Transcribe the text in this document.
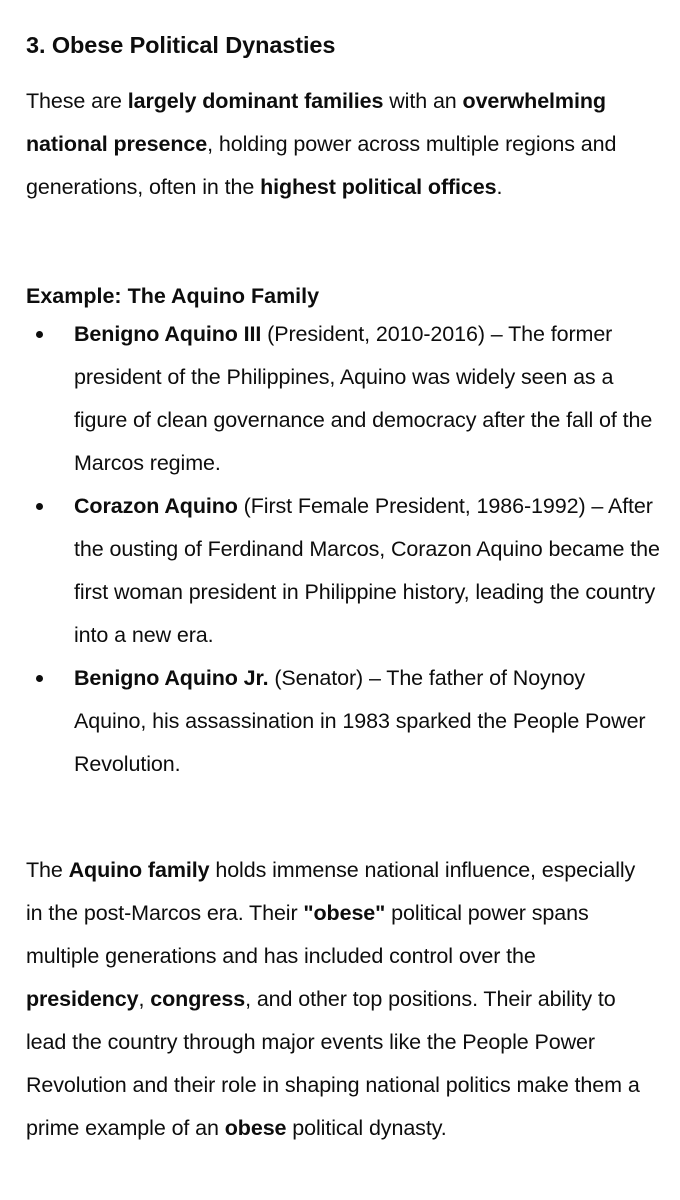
3. Obese Political Dynasties

These are largely dominant families with an overwhelming national presence, holding power across multiple regions and generations, often in the highest political offices.

Example: The Aquino Family

Benigno Aquino III (President, 2010-2016) – The former president of the Philippines, Aquino was widely seen as a figure of clean governance and democracy after the fall of the Marcos regime.
Corazon Aquino (First Female President, 1986-1992) – After the ousting of Ferdinand Marcos, Corazon Aquino became the first woman president in Philippine history, leading the country into a new era.
Benigno Aquino Jr. (Senator) – The father of Noynoy Aquino, his assassination in 1983 sparked the People Power Revolution.

The Aquino family holds immense national influence, especially in the post-Marcos era. Their "obese" political power spans multiple generations and has included control over the presidency, congress, and other top positions. Their ability to lead the country through major events like the People Power Revolution and their role in shaping national politics make them a prime example of an obese political dynasty.
